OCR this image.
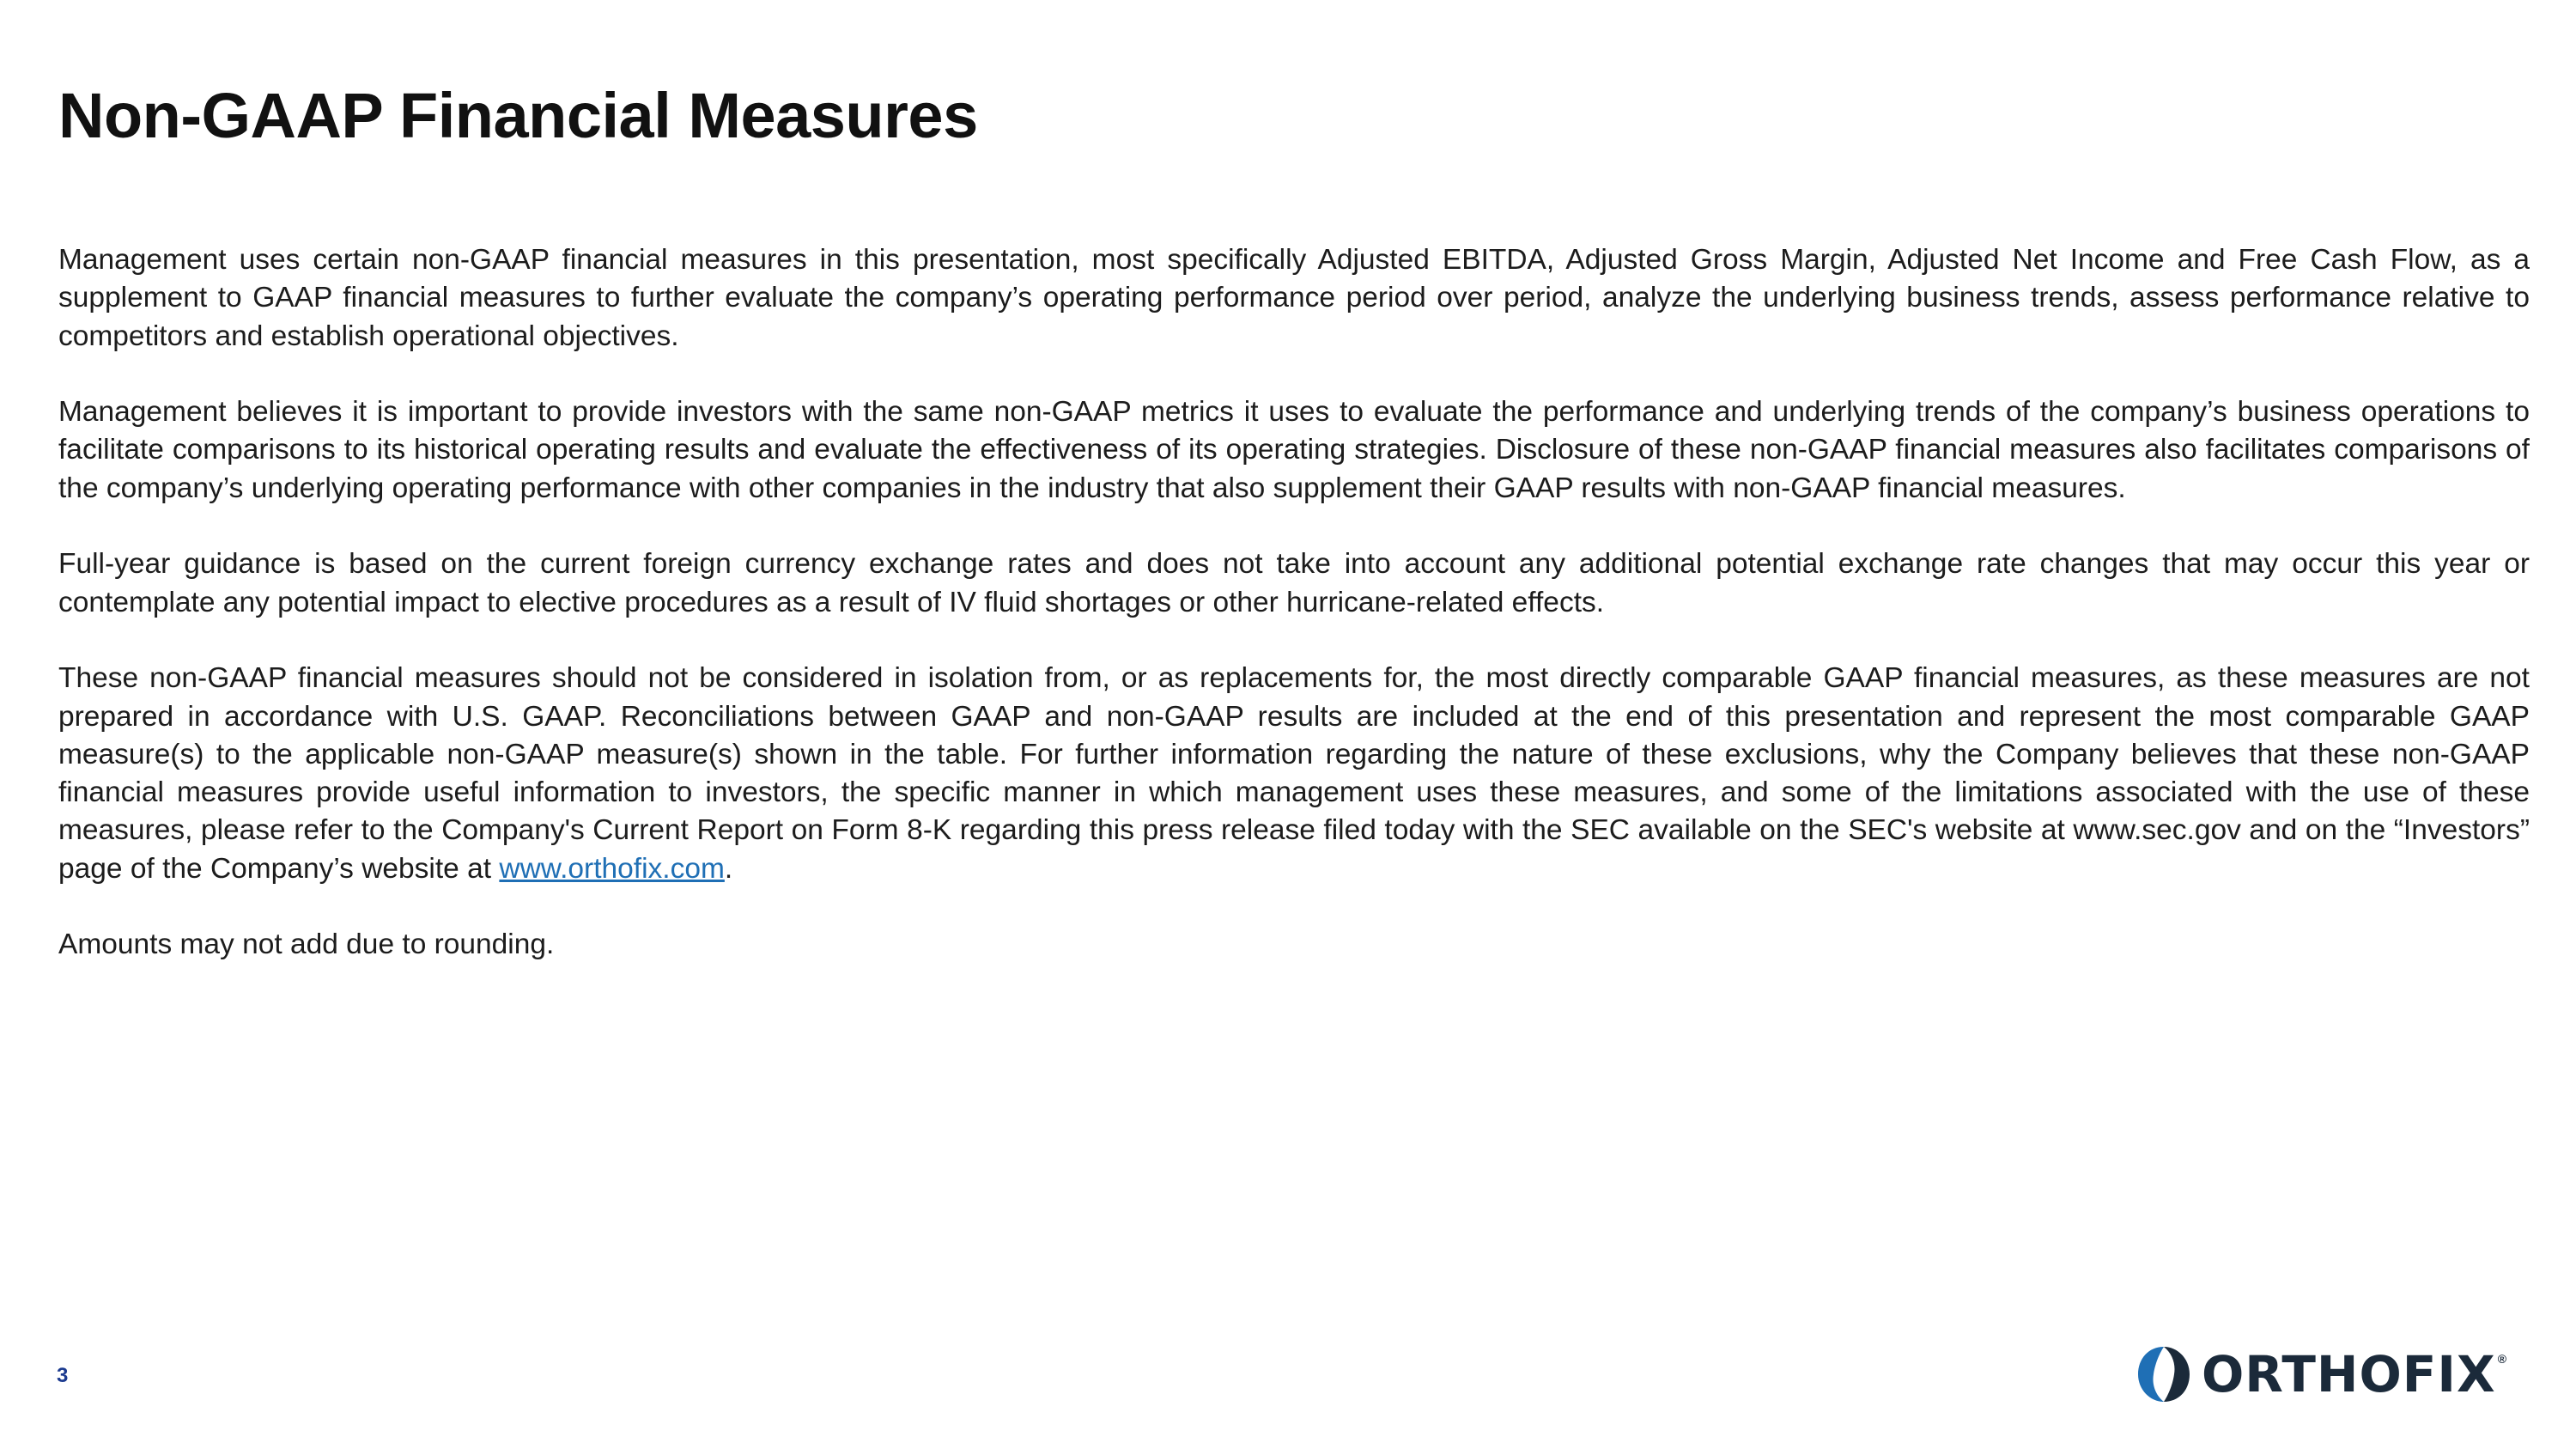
Non-GAAP Financial Measures

Management uses certain non-GAAP financial measures in this presentation, most specifically Adjusted EBITDA, Adjusted Gross Margin, Adjusted Net Income and Free Cash Flow, as a supplement to GAAP financial measures to further evaluate the company’s operating performance period over period, analyze the underlying business trends, assess performance relative to competitors and establish operational objectives.

Management believes it is important to provide investors with the same non-GAAP metrics it uses to evaluate the performance and underlying trends of the company’s business operations to facilitate comparisons to its historical operating results and evaluate the effectiveness of its operating strategies. Disclosure of these non-GAAP financial measures also facilitates comparisons of the company’s underlying operating performance with other companies in the industry that also supplement their GAAP results with non-GAAP financial measures.

Full-year guidance is based on the current foreign currency exchange rates and does not take into account any additional potential exchange rate changes that may occur this year or contemplate any potential impact to elective procedures as a result of IV fluid shortages or other hurricane-related effects.

These non-GAAP financial measures should not be considered in isolation from, or as replacements for, the most directly comparable GAAP financial measures, as these measures are not prepared in accordance with U.S. GAAP. Reconciliations between GAAP and non-GAAP results are included at the end of this presentation and represent the most comparable GAAP measure(s) to the applicable non-GAAP measure(s) shown in the table. For further information regarding the nature of these exclusions, why the Company believes that these non-GAAP financial measures provide useful information to investors, the specific manner in which management uses these measures, and some of the limitations associated with the use of these measures, please refer to the Company's Current Report on Form 8-K regarding this press release filed today with the SEC available on the SEC's website at www.sec.gov and on the “Investors” page of the Company’s website at www.orthofix.com.

Amounts may not add due to rounding.

3	ORTHOFIX ®
